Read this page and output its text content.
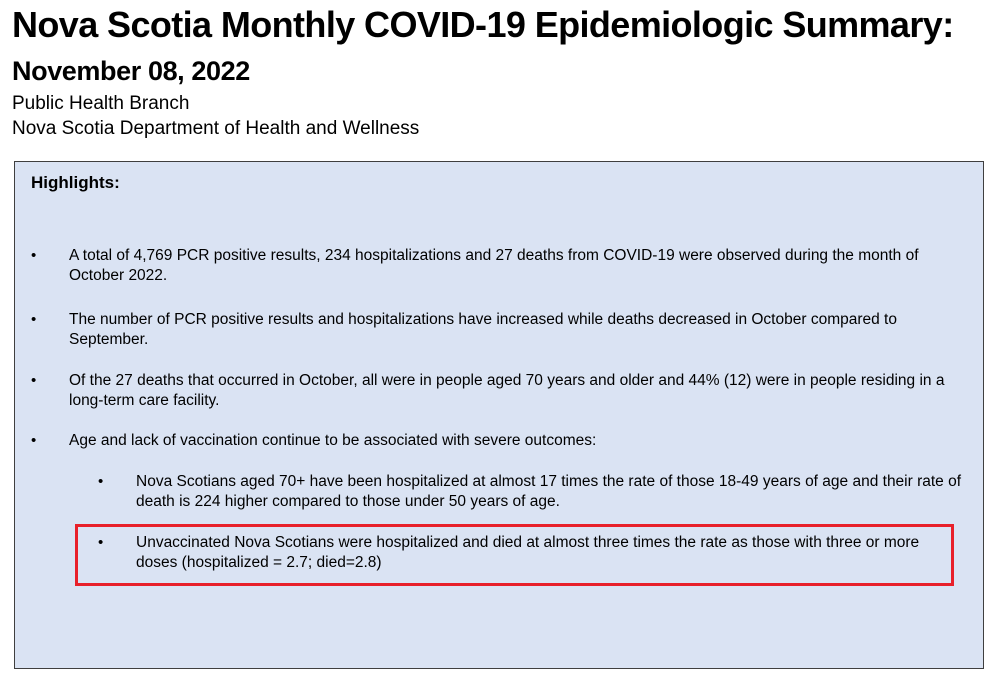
Nova Scotia Monthly COVID-19 Epidemiologic Summary:
November 08, 2022

Public Health Branch

Nova Scotia Department of Health and Wellness

Highlights:
• A total of 4,769 PCR positive results, 234 hospitalizations and 27 deaths from COVID-19 were observed during the month of October 2022.
• The number of PCR positive results and hospitalizations have increased while deaths decreased in October compared to September.
• Of the 27 deaths that occurred in October, all were in people aged 70 years and older and 44% (12) were in people residing in a long-term care facility.
• Age and lack of vaccination continue to be associated with severe outcomes:
• Nova Scotians aged 70+ have been hospitalized at almost 17 times the rate of those 18-49 years of age and their rate of death is 224 higher compared to those under 50 years of age.
• Unvaccinated Nova Scotians were hospitalized and died at almost three times the rate as those with three or more doses (hospitalized = 2.7; died=2.8)
